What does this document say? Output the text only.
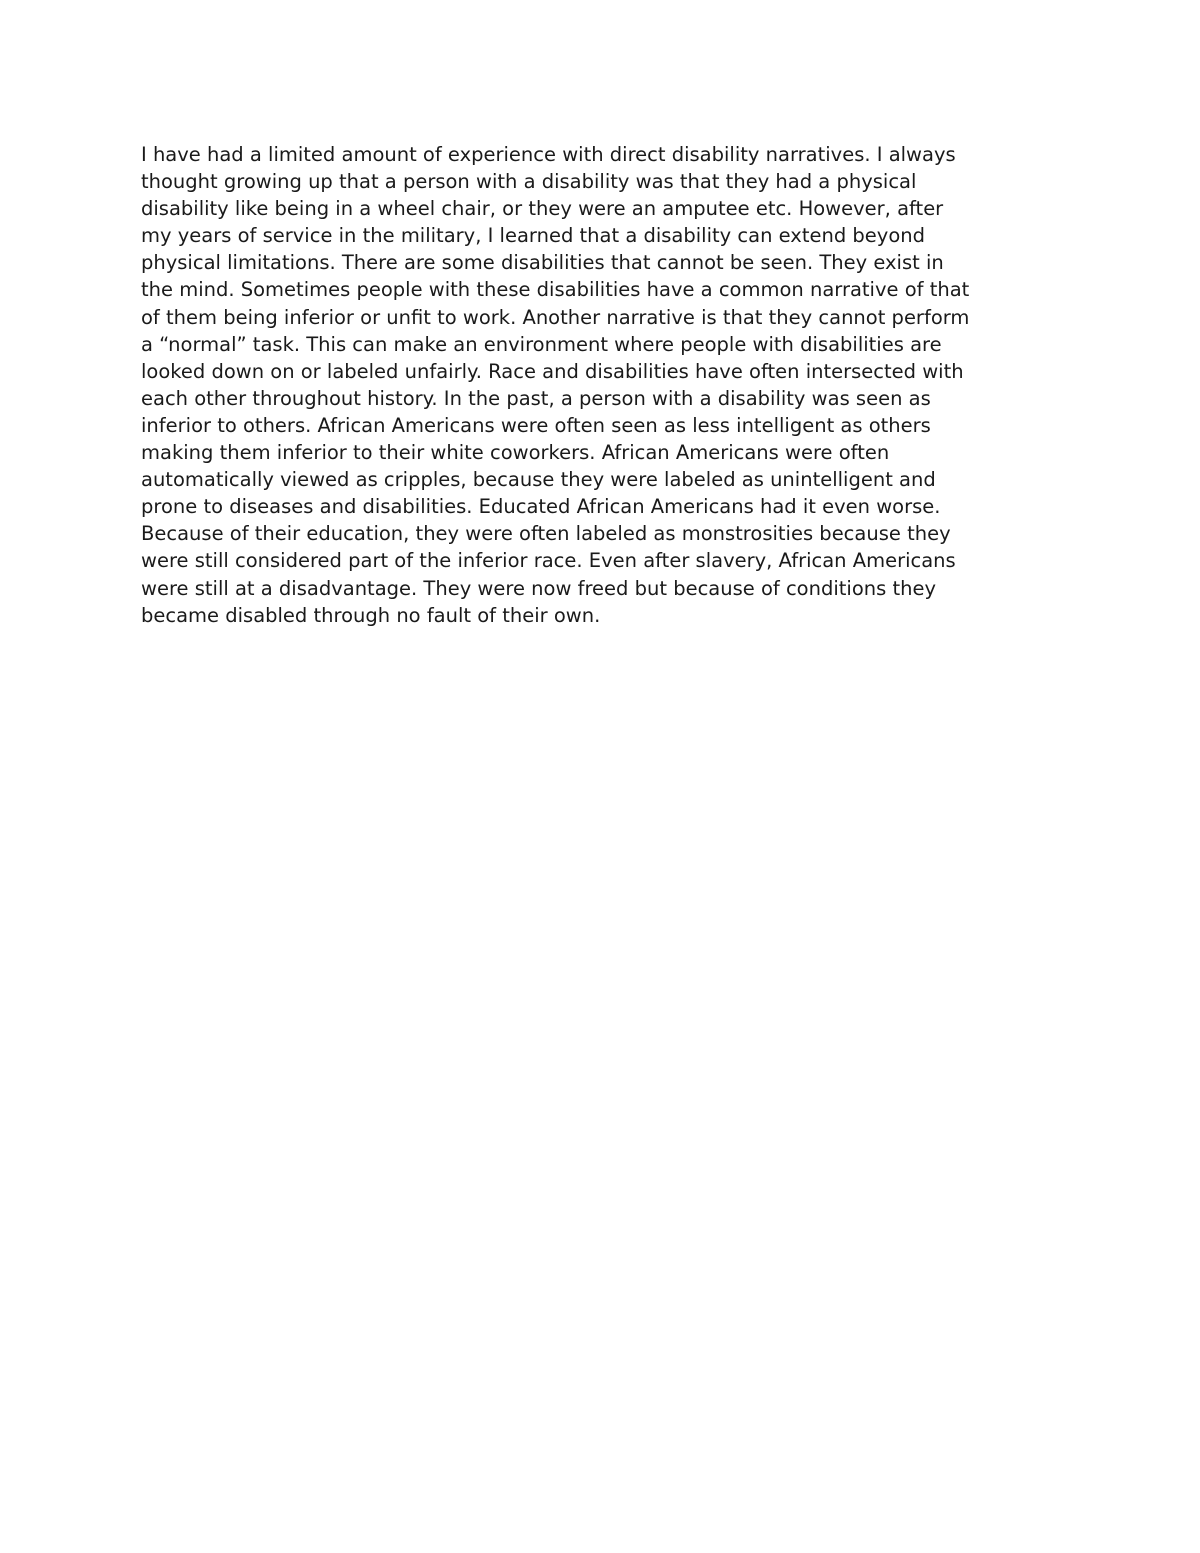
I have had a limited amount of experience with direct disability narratives. I always
thought growing up that a person with a disability was that they had a physical
disability like being in a wheel chair, or they were an amputee etc. However, after
my years of service in the military, I learned that a disability can extend beyond
physical limitations. There are some disabilities that cannot be seen. They exist in
the mind. Sometimes people with these disabilities have a common narrative of that
of them being inferior or unfit to work. Another narrative is that they cannot perform
a “normal” task. This can make an environment where people with disabilities are
looked down on or labeled unfairly. Race and disabilities have often intersected with
each other throughout history. In the past, a person with a disability was seen as
inferior to others. African Americans were often seen as less intelligent as others
making them inferior to their white coworkers. African Americans were often
automatically viewed as cripples, because they were labeled as unintelligent and
prone to diseases and disabilities. Educated African Americans had it even worse.
Because of their education, they were often labeled as monstrosities because they
were still considered part of the inferior race. Even after slavery, African Americans
were still at a disadvantage. They were now freed but because of conditions they
became disabled through no fault of their own.
